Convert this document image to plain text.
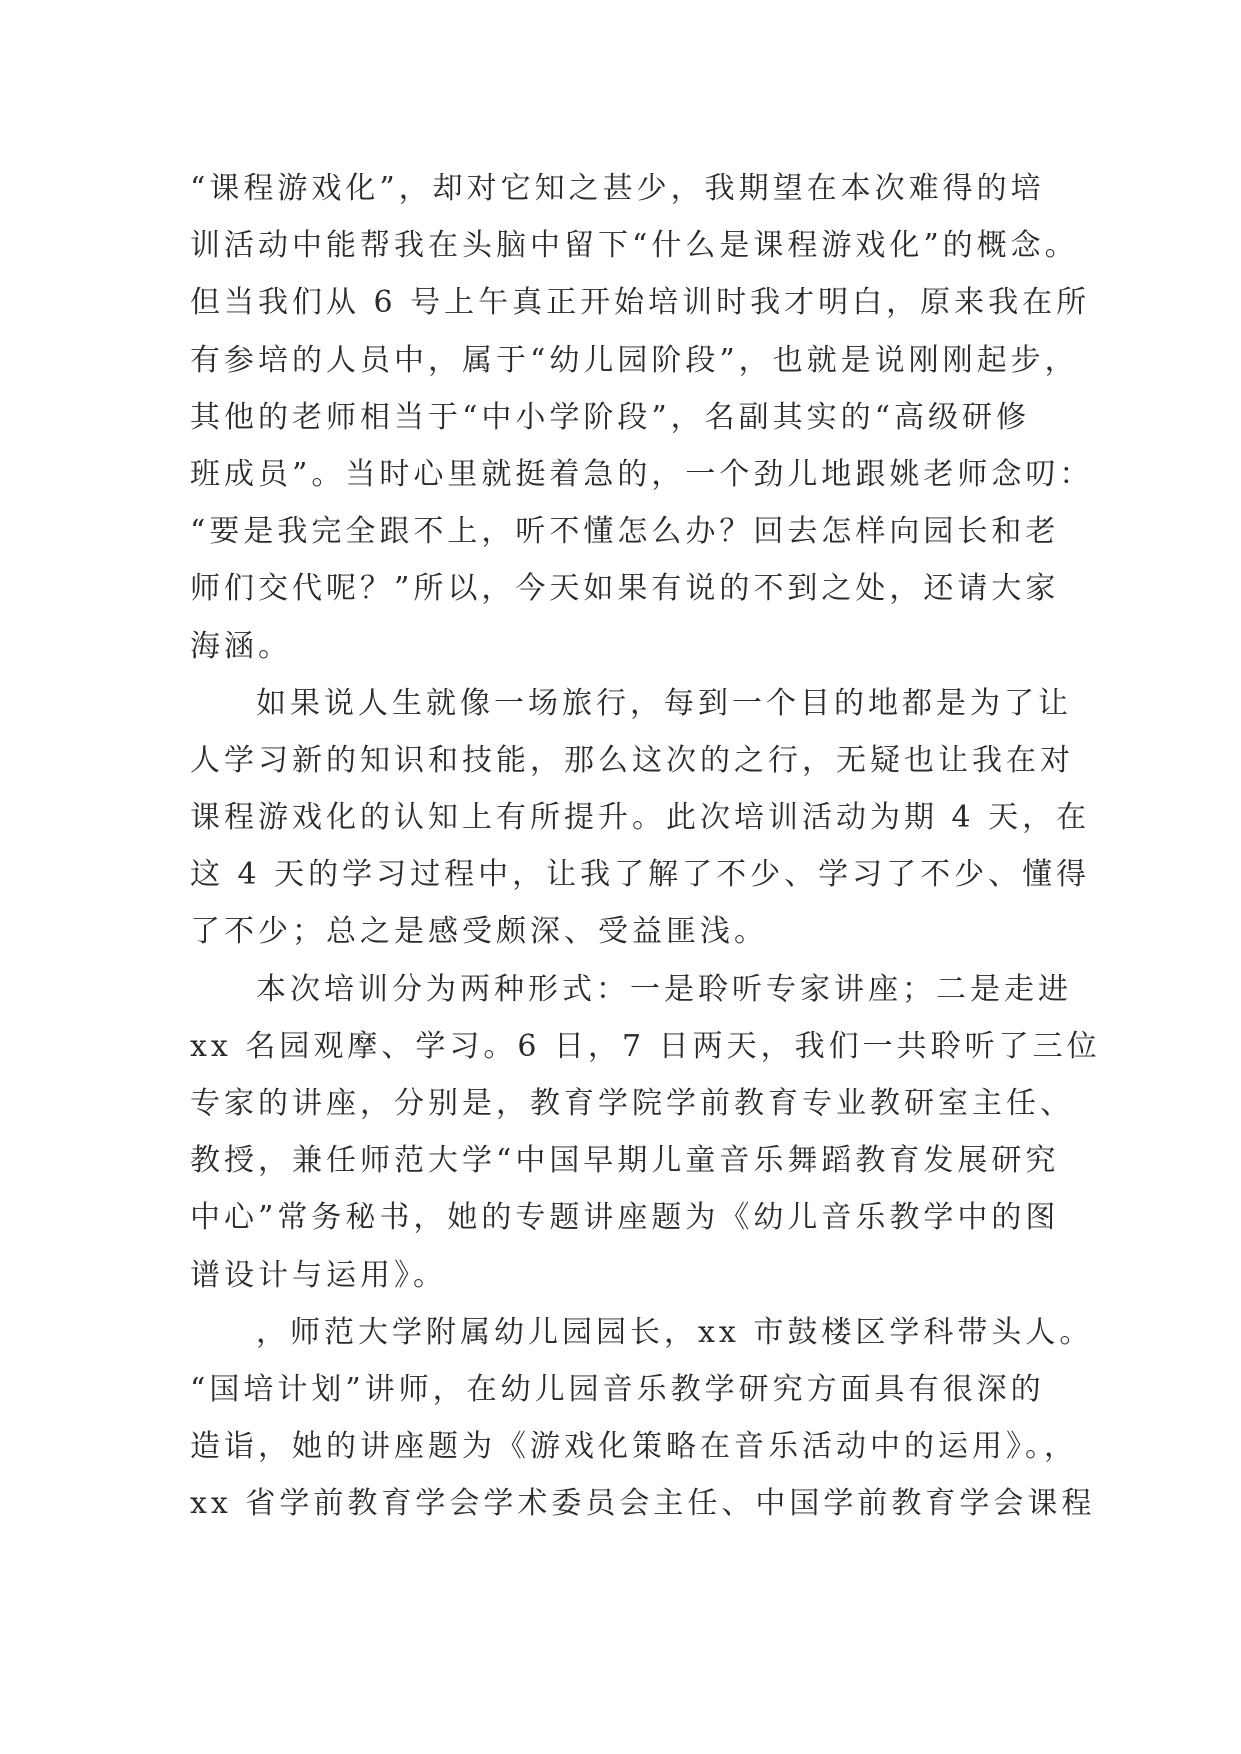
“课程游戏化”，却对它知之甚少，我期望在本次难得的培
训活动中能帮我在头脑中留下“什么是课程游戏化”的概念。
但当我们从 6 号上午真正开始培训时我才明白，原来我在所
有参培的人员中，属于“幼儿园阶段”，也就是说刚刚起步，
其他的老师相当于“中小学阶段”，名副其实的“高级研修
班成员”。当时心里就挺着急的，一个劲儿地跟姚老师念叨：
“要是我完全跟不上，听不懂怎么办？回去怎样向园长和老
师们交代呢？”所以，今天如果有说的不到之处，还请大家
海涵。
如果说人生就像一场旅行，每到一个目的地都是为了让
人学习新的知识和技能，那么这次的之行，无疑也让我在对
课程游戏化的认知上有所提升。此次培训活动为期 4 天，在
这 4 天的学习过程中，让我了解了不少、学习了不少、懂得
了不少；总之是感受颇深、受益匪浅。
本次培训分为两种形式：一是聆听专家讲座；二是走进
xx 名园观摩、学习。6 日，7 日两天，我们一共聆听了三位
专家的讲座，分别是，教育学院学前教育专业教研室主任、
教授，兼任师范大学“中国早期儿童音乐舞蹈教育发展研究
中心”常务秘书，她的专题讲座题为《幼儿音乐教学中的图
谱设计与运用》。
，师范大学附属幼儿园园长，xx 市鼓楼区学科带头人。
“国培计划”讲师，在幼儿园音乐教学研究方面具有很深的
造诣，她的讲座题为《游戏化策略在音乐活动中的运用》。，
xx 省学前教育学会学术委员会主任、中国学前教育学会课程
